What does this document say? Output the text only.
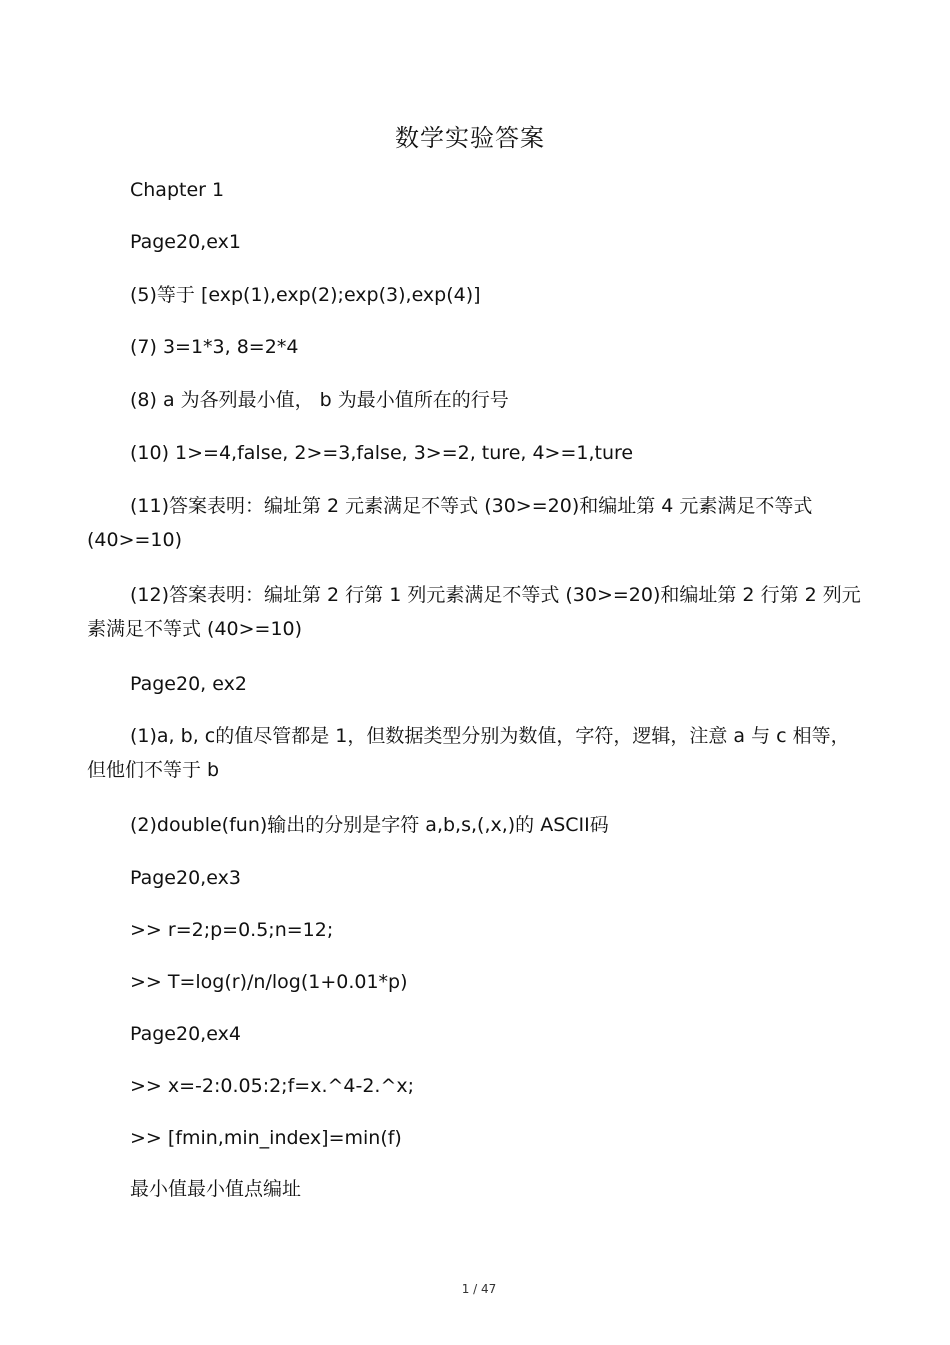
数学实验答案
Chapter 1
Page20,ex1
(5)等于 [exp(1),exp(2);exp(3),exp(4)]
(7) 3=1*3, 8=2*4
(8) a 为各列最小值， b 为最小值所在的行号
(10) 1>=4,false, 2>=3,false, 3>=2, ture, 4>=1,ture
(11)答案表明：编址第 2 元素满足不等式 (30>=20)和编址第 4 元素满足不等式 (40>=10)
(12)答案表明：编址第 2 行第 1 列元素满足不等式 (30>=20)和编址第 2 行第 2 列元素满足不等式 (40>=10)
Page20, ex2
(1)a, b, c的值尽管都是 1，但数据类型分别为数值，字符，逻辑，注意 a 与 c 相等，但他们不等于 b
(2)double(fun)输出的分别是字符 a,b,s,(,x,)的 ASCII码
Page20,ex3
>> r=2;p=0.5;n=12;
>> T=log(r)/n/log(1+0.01*p)
Page20,ex4
>> x=-2:0.05:2;f=x.^4-2.^x;
>> [fmin,min_index]=min(f)
最小值最小值点编址
1 / 47
